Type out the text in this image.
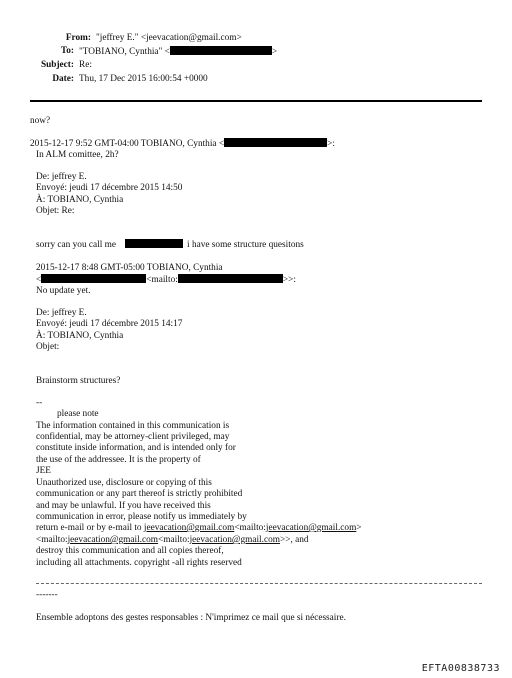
From: "jeffrey E." <jeevacation@gmail.com>
To: "TOBIANO, Cynthia" <	>
Subject: Re:
Date: Thu, 17 Dec 2015 16:00:54 +0000
now?
2015-12-17 9:52 GMT-04:00 TOBIANO, Cynthia <	>:
In ALM comittee, 2h?
De: jeffrey E.
Envoyé: jeudi 17 décembre 2015 14:50
À: TOBIANO, Cynthia
Objet: Re:
sorry can you call me	i have some structure quesitons
2015-12-17 8:48 GMT-05:00 TOBIANO, Cynthia
<	<mailto:	>>:
No update yet.
De: jeffrey E.
Envoyé: jeudi 17 décembre 2015 14:17
À: TOBIANO, Cynthia
Objet:
Brainstorm structures?
--
please note
The information contained in this communication is
confidential, may be attorney-client privileged, may
constitute inside information, and is intended only for
the use of the addressee. It is the property of
JEE
Unauthorized use, disclosure or copying of this
communication or any part thereof is strictly prohibited
and may be unlawful. If you have received this
communication in error, please notify us immediately by
return e-mail or by e-mail to jeevacation@gmail.com<mailto:jeevacation@gmail.com>
<mailto:jeevacation@gmail.com<mailto:jeevacation@gmail.com>>, and
destroy this communication and all copies thereof,
including all attachments. copyright -all rights reserved
-------
Ensemble adoptons des gestes responsables : N'imprimez ce mail que si nécessaire.
EFTA00838733
